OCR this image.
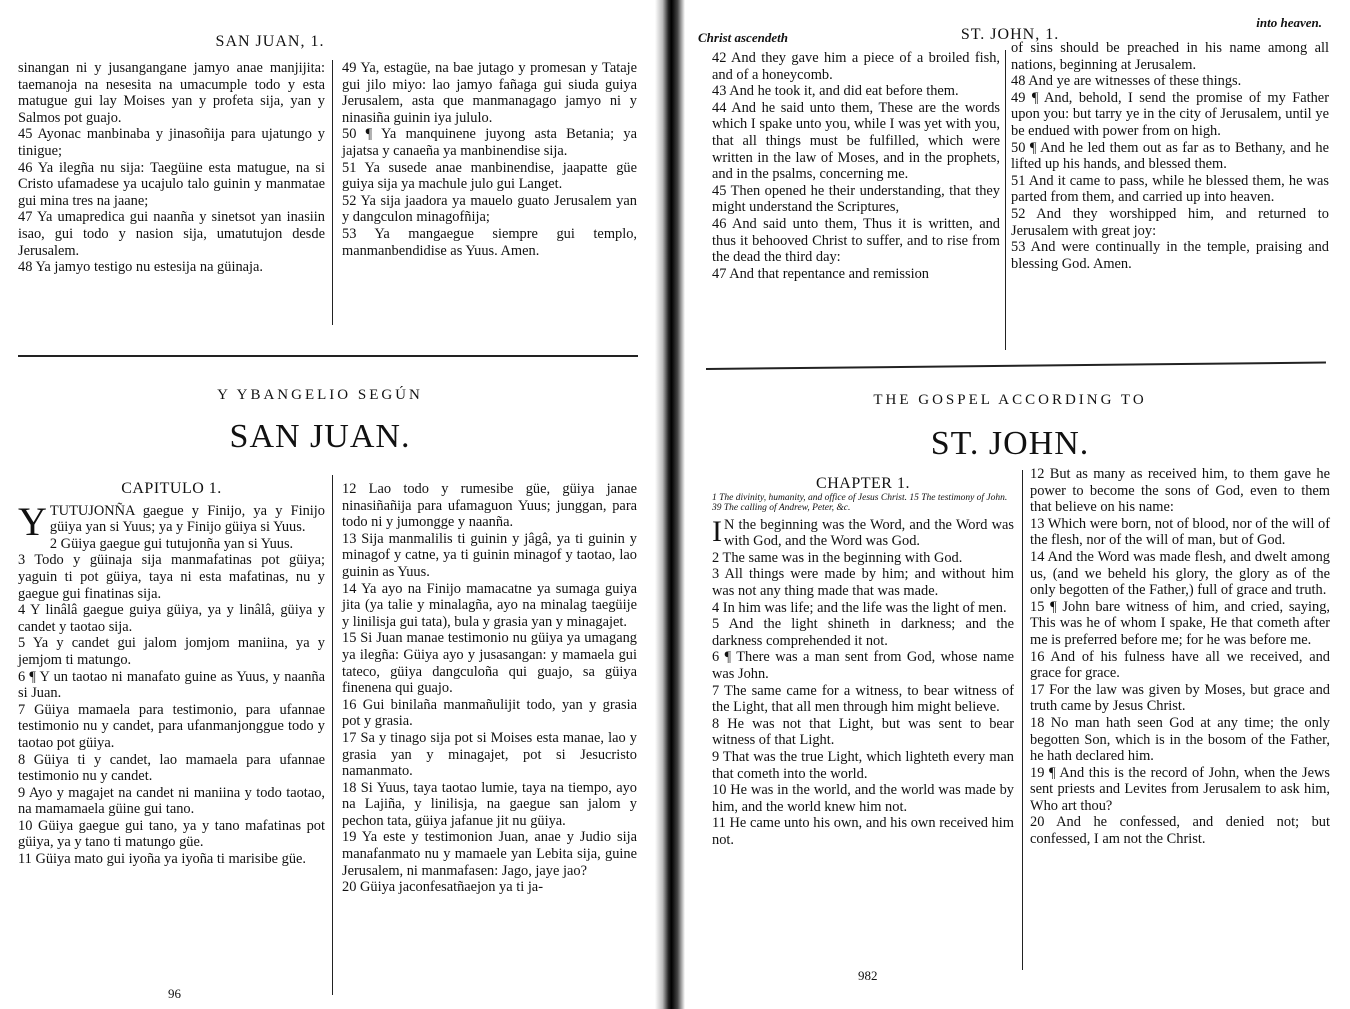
SAN JUAN, 1.

sinangan ni y jusangangane jamyo anae manjijita: taemanoja na nesesita na umacumple todo y esta matugue gui lay Moises yan y profeta sija, yan y Salmos pot guajo.

45 Ayonac manbinaba y jinasoñija para ujatungo y tinigue;

46 Ya ilegña nu sija: Taegüine esta matugue, na si Cristo ufamadese ya ucajulo talo guinin y manmatae gui mina tres na jaane;

47 Ya umapredica gui naanña y sinetsot yan inasiin isao, gui todo y nasion sija, umatutujon desde Jerusalem.

48 Ya jamyo testigo nu estesija na güinaja.

49 Ya, estagüe, na bae jutago y promesan y Tataje gui jilo miyo: lao jamyo fañaga gui siuda guiya Jerusalem, asta que manmanagago jamyo ni y ninasiña guinin iya jululo.

50 ¶ Ya manquinene juyong asta Betania; ya jajatsa y canaeña ya manbinendise sija.

51 Ya susede anae manbinendise, jaapatte güe guiya sija ya machule julo gui Langet.

52 Ya sija jaadora ya mauelo guato Jerusalem yan y dangculon minagofñija;

53 Ya mangaegue siempre gui templo, manmanbendidise as Yuus. Amen.

Y YBANGELIO SEGÚN
SAN JUAN.
CAPITULO 1.

YTUTUJONÑA gaegue y Finijo, ya y Finijo güiya yan si Yuus; ya y Finijo güiya si Yuus.

2 Güiya gaegue gui tutujonña yan si Yuus.

3 Todo y güinaja sija manmafatinas pot güiya; yaguin ti pot güiya, taya ni esta mafatinas, nu y gaegue gui finatinas sija.

4 Y linâlâ gaegue guiya güiya, ya y linâlâ, güiya y candet y taotao sija.

5 Ya y candet gui jalom jomjom maniina, ya y jemjom ti matungo.

6 ¶ Y un taotao ni manafato guine as Yuus, y naanña si Juan.

7 Güiya mamaela para testimonio, para ufannae testimonio nu y candet, para ufanmanjonggue todo y taotao pot güiya.

8 Güiya ti y candet, lao mamaela para ufannae testimonio nu y candet.

9 Ayo y magajet na candet ni maniina y todo taotao, na mamamaela güine gui tano.

10 Güiya gaegue gui tano, ya y tano mafatinas pot güiya, ya y tano ti matungo güe.

11 Güiya mato gui iyoña ya iyoña ti marisibe güe.

12 Lao todo y rumesibe güe, güiya janae ninasiñañija para ufamaguon Yuus; junggan, para todo ni y jumongge y naanña.

13 Sija manmalilis ti guinin y jâgâ, ya ti guinin y minagof y catne, ya ti guinin minagof y taotao, lao guinin as Yuus.

14 Ya ayo na Finijo mamacatne ya sumaga guiya jita (ya talie y minalagña, ayo na minalag taegüije y linilisja gui tata), bula y grasia yan y minagajet.

15 Si Juan manae testimonio nu güiya ya umagang ya ilegña: Güiya ayo y jusasangan: y mamaela gui tateco, güiya dangculoña qui guajo, sa güiya finenena qui guajo.

16 Gui binilaña manmañulijit todo, yan y grasia pot y grasia.

17 Sa y tinago sija pot si Moises esta manae, lao y grasia yan y minagajet, pot si Jesucristo namanmato.

18 Si Yuus, taya taotao lumie, taya na tiempo, ayo na Lajiña, y linilisja, na gaegue san jalom y pechon tata, güiya jafanue jit nu güiya.

19 Ya este y testimonion Juan, anae y Judio sija manafanmato nu y mamaele yan Lebita sija, guine Jerusalem, ni manmafasen: Jago, jaye jao?

20 Güiya jaconfesatñaejon ya ti ja-

96
Christ ascendeth	ST. JOHN, 1.
into heaven.

42 And they gave him a piece of a broiled fish, and of a honeycomb.

43 And he took it, and did eat before them.

44 And he said unto them, These are the words which I spake unto you, while I was yet with you, that all things must be fulfilled, which were written in the law of Moses, and in the prophets, and in the psalms, concerning me.

45 Then opened he their understanding, that they might understand the Scriptures,

46 And said unto them, Thus it is written, and thus it behooved Christ to suffer, and to rise from the dead the third day:

47 And that repentance and remission

of sins should be preached in his name among all nations, beginning at Jerusalem.

48 And ye are witnesses of these things.

49 ¶ And, behold, I send the promise of my Father upon you: but tarry ye in the city of Jerusalem, until ye be endued with power from on high.

50 ¶ And he led them out as far as to Bethany, and he lifted up his hands, and blessed them.

51 And it came to pass, while he blessed them, he was parted from them, and carried up into heaven.

52 And they worshipped him, and returned to Jerusalem with great joy:

53 And were continually in the temple, praising and blessing God. Amen.

THE GOSPEL ACCORDING TO
ST. JOHN.
CHAPTER 1.
1 The divinity, humanity, and office of Jesus Christ. 15 The testimony of John. 39 The calling of Andrew, Peter, &c.

I N the beginning was the Word, and the Word was with God, and the Word was God.

2 The same was in the beginning with God.

3 All things were made by him; and without him was not any thing made that was made.

4 In him was life; and the life was the light of men.

5 And the light shineth in darkness; and the darkness comprehended it not.

6 ¶ There was a man sent from God, whose name was John.

7 The same came for a witness, to bear witness of the Light, that all men through him might believe.

8 He was not that Light, but was sent to bear witness of that Light.

9 That was the true Light, which lighteth every man that cometh into the world.

10 He was in the world, and the world was made by him, and the world knew him not.

11 He came unto his own, and his own received him not.

12 But as many as received him, to them gave he power to become the sons of God, even to them that believe on his name:

13 Which were born, not of blood, nor of the will of the flesh, nor of the will of man, but of God.

14 And the Word was made flesh, and dwelt among us, (and we beheld his glory, the glory as of the only begotten of the Father,) full of grace and truth.

15 ¶ John bare witness of him, and cried, saying, This was he of whom I spake, He that cometh after me is preferred before me; for he was before me.

16 And of his fulness have all we received, and grace for grace.

17 For the law was given by Moses, but grace and truth came by Jesus Christ.

18 No man hath seen God at any time; the only begotten Son, which is in the bosom of the Father, he hath declared him.

19 ¶ And this is the record of John, when the Jews sent priests and Levites from Jerusalem to ask him, Who art thou?

20 And he confessed, and denied not; but confessed, I am not the Christ.

982
